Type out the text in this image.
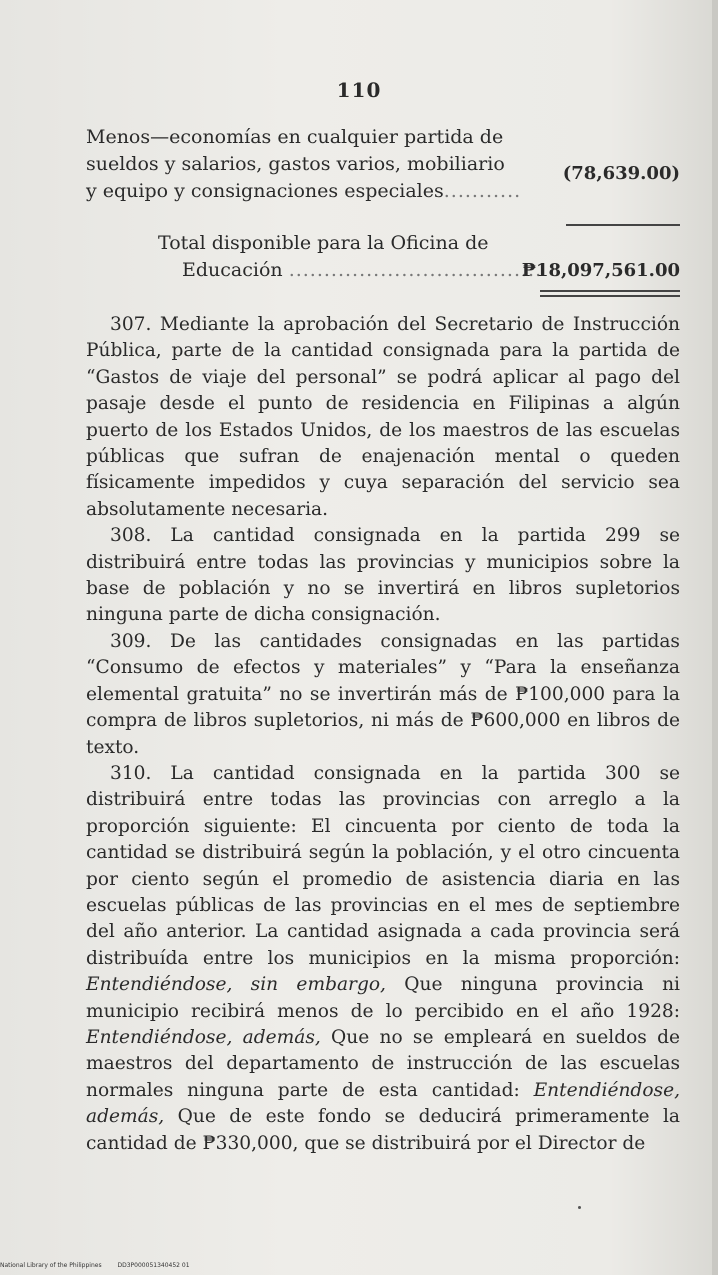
110
Menos—economías en cualquier partida de
sueldos y salarios, gastos varios, mobiliario
y equipo y consignaciones especiales...........
(78,639.00)
Total disponible para la Oficina de
Educación ....................................
₱18,097,561.00

307. Mediante la aprobación del Secretario de Instrucción Pública, parte de la cantidad consignada para la partida de “Gastos de viaje del personal” se podrá aplicar al pago del pasaje desde el punto de residencia en Filipinas a algún puerto de los Estados Unidos, de los maestros de las escuelas públicas que sufran de enajenación mental o queden físicamente impedidos y cuya separación del servicio sea absolutamente necesaria.

308. La cantidad consignada en la partida 299 se distribuirá entre todas las provincias y municipios sobre la base de población y no se invertirá en libros supletorios ninguna parte de dicha consignación.

309. De las cantidades consignadas en las partidas “Consumo de efectos y materiales” y “Para la enseñanza elemental gratuita” no se invertirán más de ₱100,000 para la compra de libros supletorios, ni más de ₱600,000 en libros de texto.

310. La cantidad consignada en la partida 300 se distribuirá entre todas las provincias con arreglo a la proporción siguiente: El cincuenta por ciento de toda la cantidad se distribuirá según la población, y el otro cincuenta por ciento según el promedio de asistencia diaria en las escuelas públicas de las provincias en el mes de septiembre del año anterior. La cantidad asignada a cada provincia será distribuída entre los municipios en la misma proporción: Entendiéndose, sin embargo, Que ninguna provincia ni municipio recibirá menos de lo percibido en el año 1928: Entendiéndose, además, Que no se empleará en sueldos de maestros del departamento de instrucción de las escuelas normales ninguna parte de esta cantidad: Entendiéndose, además, Que de este fondo se deducirá primeramente la cantidad de ₱330,000, que se distribuirá por el Director de

National Library of the Philippines	DD3P000051340452 01
